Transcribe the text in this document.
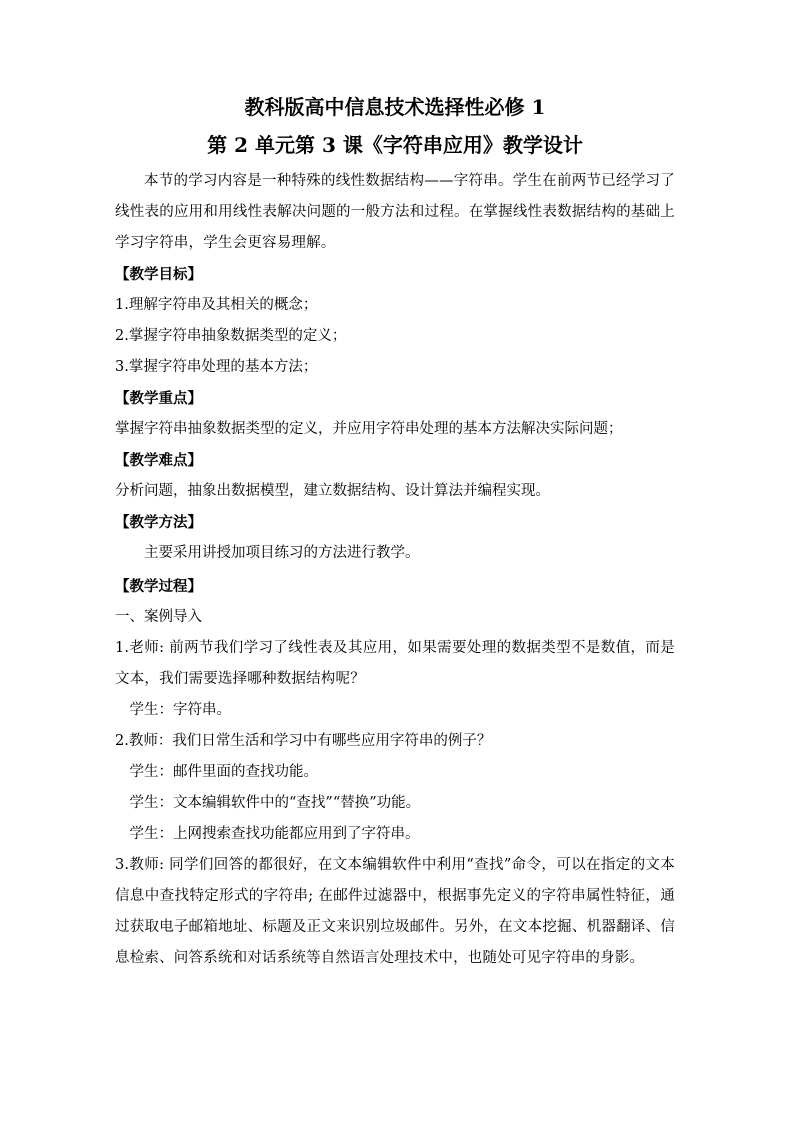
教科版高中信息技术选择性必修 1

第 2 单元第 3 课《字符串应用》教学设计

本节的学习内容是一种特殊的线性数据结构——字符串。学生在前两节已经学习了线性表的应用和用线性表解决问题的一般方法和过程。在掌握线性表数据结构的基础上学习字符串，学生会更容易理解。

【教学目标】

1.理解字符串及其相关的概念；

2.掌握字符串抽象数据类型的定义；

3.掌握字符串处理的基本方法；

【教学重点】

掌握字符串抽象数据类型的定义，并应用字符串处理的基本方法解决实际问题；

【教学难点】

分析问题，抽象出数据模型，建立数据结构、设计算法并编程实现。

【教学方法】

主要采用讲授加项目练习的方法进行教学。

【教学过程】

一、案例导入

1.老师: 前两节我们学习了线性表及其应用，如果需要处理的数据类型不是数值，而是文本，我们需要选择哪种数据结构呢？

学生：字符串。

2.教师：我们日常生活和学习中有哪些应用字符串的例子？

学生：邮件里面的查找功能。

学生：文本编辑软件中的“查找”“替换”功能。

学生：上网搜索查找功能都应用到了字符串。

3.教师: 同学们回答的都很好，在文本编辑软件中利用“查找”命令，可以在指定的文本信息中查找特定形式的字符串; 在邮件过滤器中，根据事先定义的字符串属性特征，通过获取电子邮箱地址、标题及正文来识别垃圾邮件。另外，在文本挖掘、机器翻译、信息检索、问答系统和对话系统等自然语言处理技术中，也随处可见字符串的身影。
